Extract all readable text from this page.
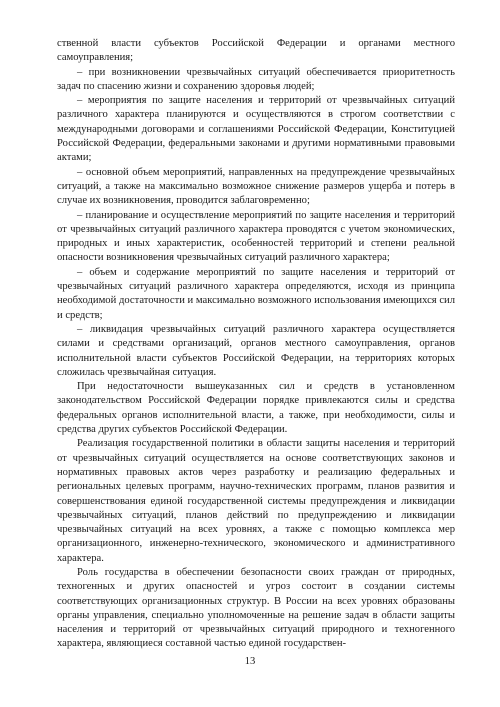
ственной власти субъектов Российской Федерации и органами местного самоуправления;

– при возникновении чрезвычайных ситуаций обеспечивается приоритетность задач по спасению жизни и сохранению здоровья людей;

– мероприятия по защите населения и территорий от чрезвычайных ситуаций различного характера планируются и осуществляются в строгом соответствии с международными договорами и соглашениями Российской Федерации, Конституцией Российской Федерации, федеральными законами и другими нормативными правовыми актами;

– основной объем мероприятий, направленных на предупреждение чрезвычайных ситуаций, а также на максимально возможное снижение размеров ущерба и потерь в случае их возникновения, проводится заблаговременно;

– планирование и осуществление мероприятий по защите населения и территорий от чрезвычайных ситуаций различного характера проводятся с учетом экономических, природных и иных характеристик, особенностей территорий и степени реальной опасности возникновения чрезвычайных ситуаций различного характера;

– объем и содержание мероприятий по защите населения и территорий от чрезвычайных ситуаций различного характера определяются, исходя из принципа необходимой достаточности и максимально возможного использования имеющихся сил и средств;

– ликвидация чрезвычайных ситуаций различного характера осуществляется силами и средствами организаций, органов местного самоуправления, органов исполнительной власти субъектов Российской Федерации, на территориях которых сложилась чрезвычайная ситуация.

При недостаточности вышеуказанных сил и средств в установленном законодательством Российской Федерации порядке привлекаются силы и средства федеральных органов исполнительной власти, а также, при необходимости, силы и средства других субъектов Российской Федерации.

Реализация государственной политики в области защиты населения и территорий от чрезвычайных ситуаций осуществляется на основе соответствующих законов и нормативных правовых актов через разработку и реализацию федеральных и региональных целевых программ, научно-технических программ, планов развития и совершенствования единой государственной системы предупреждения и ликвидации чрезвычайных ситуаций, планов действий по предупреждению и ликвидации чрезвычайных ситуаций на всех уровнях, а также с помощью комплекса мер организационного, инженерно-технического, экономического и административного характера.

Роль государства в обеспечении безопасности своих граждан от природных, техногенных и других опасностей и угроз состоит в создании системы соответствующих организационных структур. В России на всех уровнях образованы органы управления, специально уполномоченные на решение задач в области защиты населения и территорий от чрезвычайных ситуаций природного и техногенного характера, являющиеся составной частью единой государствен-

13
